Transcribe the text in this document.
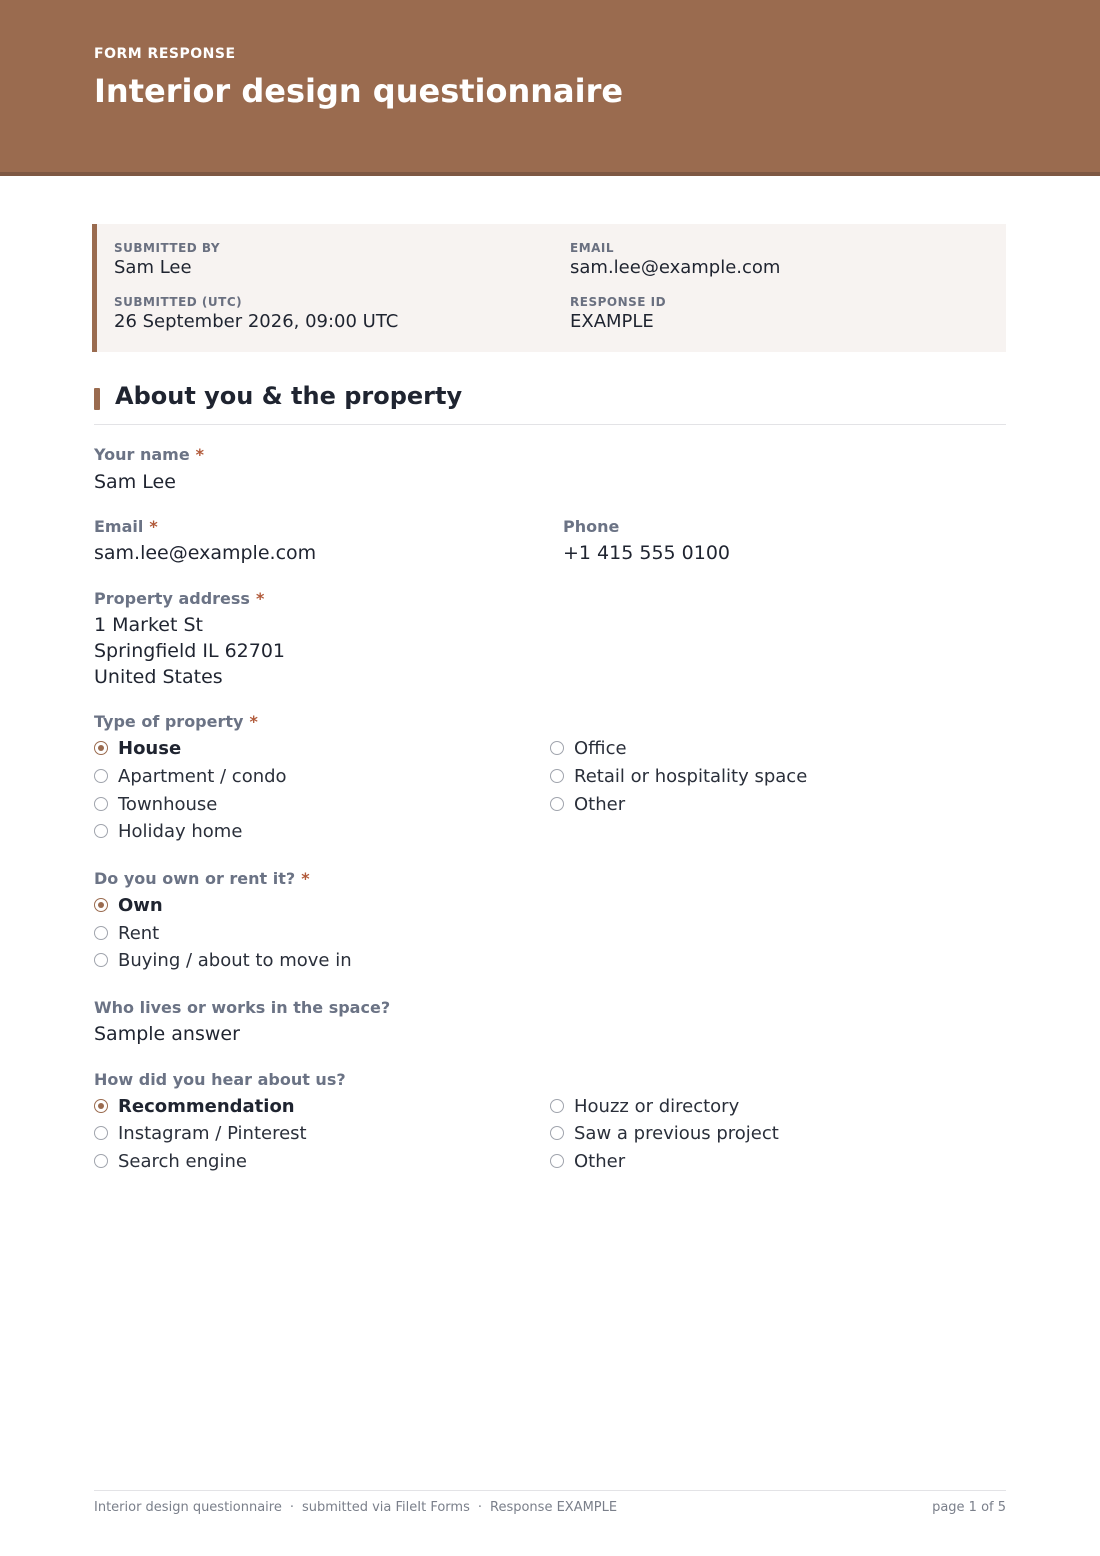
FORM RESPONSE
Interior design questionnaire
SUBMITTED BY
Sam Lee
EMAIL
sam.lee@example.com
SUBMITTED (UTC)
26 September 2026, 09:00 UTC
RESPONSE ID
EXAMPLE
About you & the property
Your name *
Sam Lee
Email *
sam.lee@example.com
Phone
+1 415 555 0100
Property address *
1 Market St
Springfield IL 62701
United States
Type of property *
House
Apartment / condo
Townhouse
Holiday home
Office
Retail or hospitality space
Other
Do you own or rent it? *
Own
Rent
Buying / about to move in
Who lives or works in the space?
Sample answer
How did you hear about us?
Recommendation
Instagram / Pinterest
Search engine
Houzz or directory
Saw a previous project
Other
Interior design questionnaire · submitted via FileIt Forms · Response EXAMPLE	page 1 of 5
